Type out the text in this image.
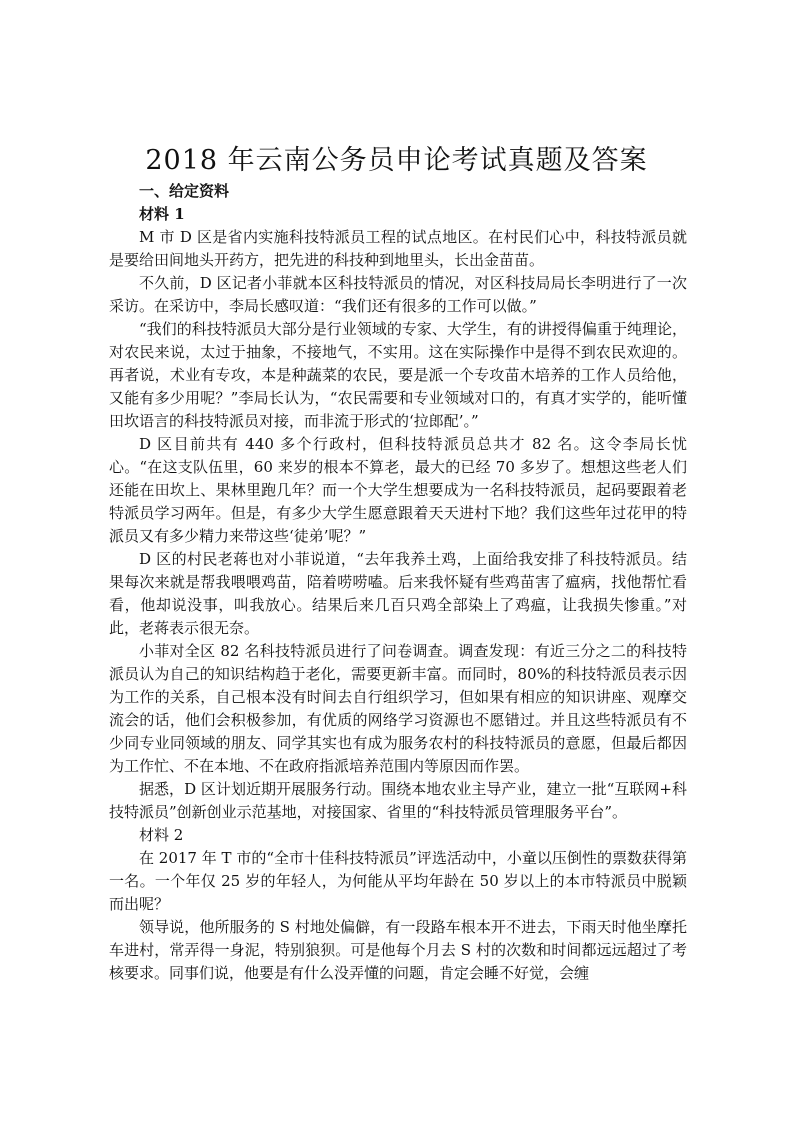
2018 年云南公务员申论考试真题及答案

一、给定资料

材料 1

M 市 D 区是省内实施科技特派员工程的试点地区。在村民们心中，科技特派员就是要给田间地头开药方，把先进的科技种到地里头，长出金苗苗。

不久前，D 区记者小菲就本区科技特派员的情况，对区科技局局长李明进行了一次采访。在采访中，李局长感叹道：“我们还有很多的工作可以做。”

“我们的科技特派员大部分是行业领域的专家、大学生，有的讲授得偏重于纯理论，对农民来说，太过于抽象，不接地气，不实用。这在实际操作中是得不到农民欢迎的。再者说，术业有专攻，本是种蔬菜的农民，要是派一个专攻苗木培养的工作人员给他，又能有多少用呢？”李局长认为，“农民需要和专业领域对口的，有真才实学的，能听懂田坎语言的科技特派员对接，而非流于形式的‘拉郎配’。”

D 区目前共有 440 多个行政村，但科技特派员总共才 82 名。这令李局长忧心。“在这支队伍里，60 来岁的根本不算老，最大的已经 70 多岁了。想想这些老人们还能在田坎上、果林里跑几年？而一个大学生想要成为一名科技特派员，起码要跟着老特派员学习两年。但是，有多少大学生愿意跟着天天进村下地？我们这些年过花甲的特派员又有多少精力来带这些‘徒弟’呢？”

D 区的村民老蒋也对小菲说道，“去年我养土鸡，上面给我安排了科技特派员。结果每次来就是帮我喂喂鸡苗，陪着唠唠嗑。后来我怀疑有些鸡苗害了瘟病，找他帮忙看看，他却说没事，叫我放心。结果后来几百只鸡全部染上了鸡瘟，让我损失惨重。”对此，老蒋表示很无奈。

小菲对全区 82 名科技特派员进行了问卷调查。调查发现：有近三分之二的科技特派员认为自己的知识结构趋于老化，需要更新丰富。而同时，80%的科技特派员表示因为工作的关系，自己根本没有时间去自行组织学习，但如果有相应的知识讲座、观摩交流会的话，他们会积极参加，有优质的网络学习资源也不愿错过。并且这些特派员有不少同专业同领域的朋友、同学其实也有成为服务农村的科技特派员的意愿，但最后都因为工作忙、不在本地、不在政府指派培养范围内等原因而作罢。

据悉，D 区计划近期开展服务行动。围绕本地农业主导产业，建立一批“互联网+科技特派员”创新创业示范基地，对接国家、省里的“科技特派员管理服务平台”。

材料 2

在 2017 年 T 市的“全市十佳科技特派员”评选活动中，小童以压倒性的票数获得第一名。一个年仅 25 岁的年轻人，为何能从平均年龄在 50 岁以上的本市特派员中脱颖而出呢？

领导说，他所服务的 S 村地处偏僻，有一段路车根本开不进去，下雨天时他坐摩托车进村，常弄得一身泥，特别狼狈。可是他每个月去 S 村的次数和时间都远远超过了考核要求。同事们说，他要是有什么没弄懂的问题，肯定会睡不好觉，会缠
